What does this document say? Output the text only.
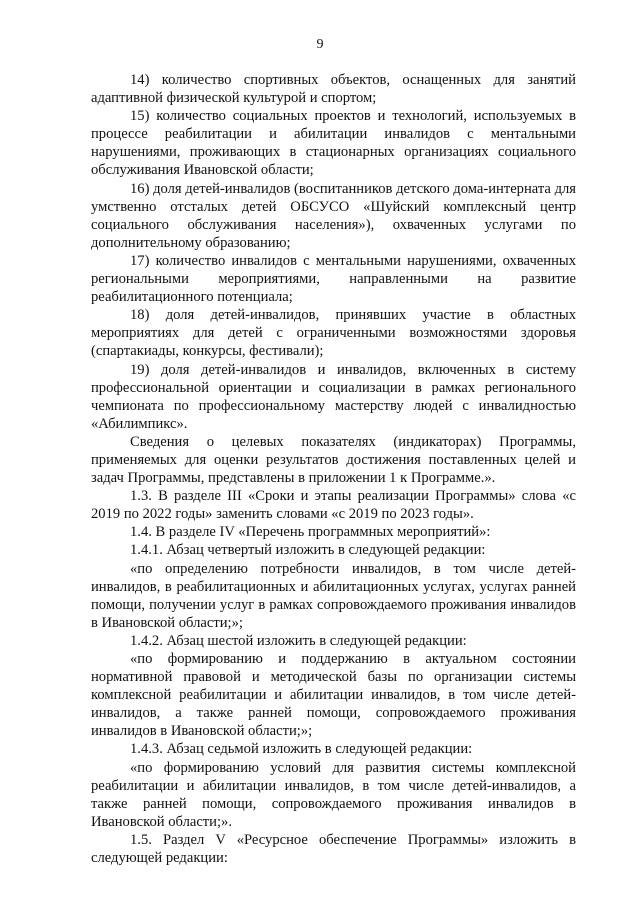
9

14) количество спортивных объектов, оснащенных для занятий адаптивной физической культурой и спортом;

15) количество социальных проектов и технологий, используемых в процессе реабилитации и абилитации инвалидов с ментальными нарушениями, проживающих в стационарных организациях социального обслуживания Ивановской области;

16) доля детей-инвалидов (воспитанников детского дома-интерната для умственно отсталых детей ОБСУСО «Шуйский комплексный центр социального обслуживания населения»), охваченных услугами по дополнительному образованию;

17) количество инвалидов с ментальными нарушениями, охваченных региональными мероприятиями, направленными на развитие реабилитационного потенциала;

18) доля детей-инвалидов, принявших участие в областных мероприятиях для детей с ограниченными возможностями здоровья (спартакиады, конкурсы, фестивали);

19) доля детей-инвалидов и инвалидов, включенных в систему профессиональной ориентации и социализации в рамках регионального чемпионата по профессиональному мастерству людей с инвалидностью «Абилимпикс».

Сведения о целевых показателях (индикаторах) Программы, применяемых для оценки результатов достижения поставленных целей и задач Программы, представлены в приложении 1 к Программе.».

1.3. В разделе III «Сроки и этапы реализации Программы» слова «с 2019 по 2022 годы» заменить словами «с 2019 по 2023 годы».

1.4. В разделе IV «Перечень программных мероприятий»:

1.4.1. Абзац четвертый изложить в следующей редакции:

«по определению потребности инвалидов, в том числе детей-инвалидов, в реабилитационных и абилитационных услугах, услугах ранней помощи, получении услуг в рамках сопровождаемого проживания инвалидов в Ивановской области;»;

1.4.2. Абзац шестой изложить в следующей редакции:

«по формированию и поддержанию в актуальном состоянии нормативной правовой и методической базы по организации системы комплексной реабилитации и абилитации инвалидов, в том числе детей-инвалидов, а также ранней помощи, сопровождаемого проживания инвалидов в Ивановской области;»;

1.4.3. Абзац седьмой изложить в следующей редакции:

«по формированию условий для развития системы комплексной реабилитации и абилитации инвалидов, в том числе детей-инвалидов, а также ранней помощи, сопровождаемого проживания инвалидов в Ивановской области;».

1.5. Раздел V «Ресурсное обеспечение Программы» изложить в следующей редакции:
